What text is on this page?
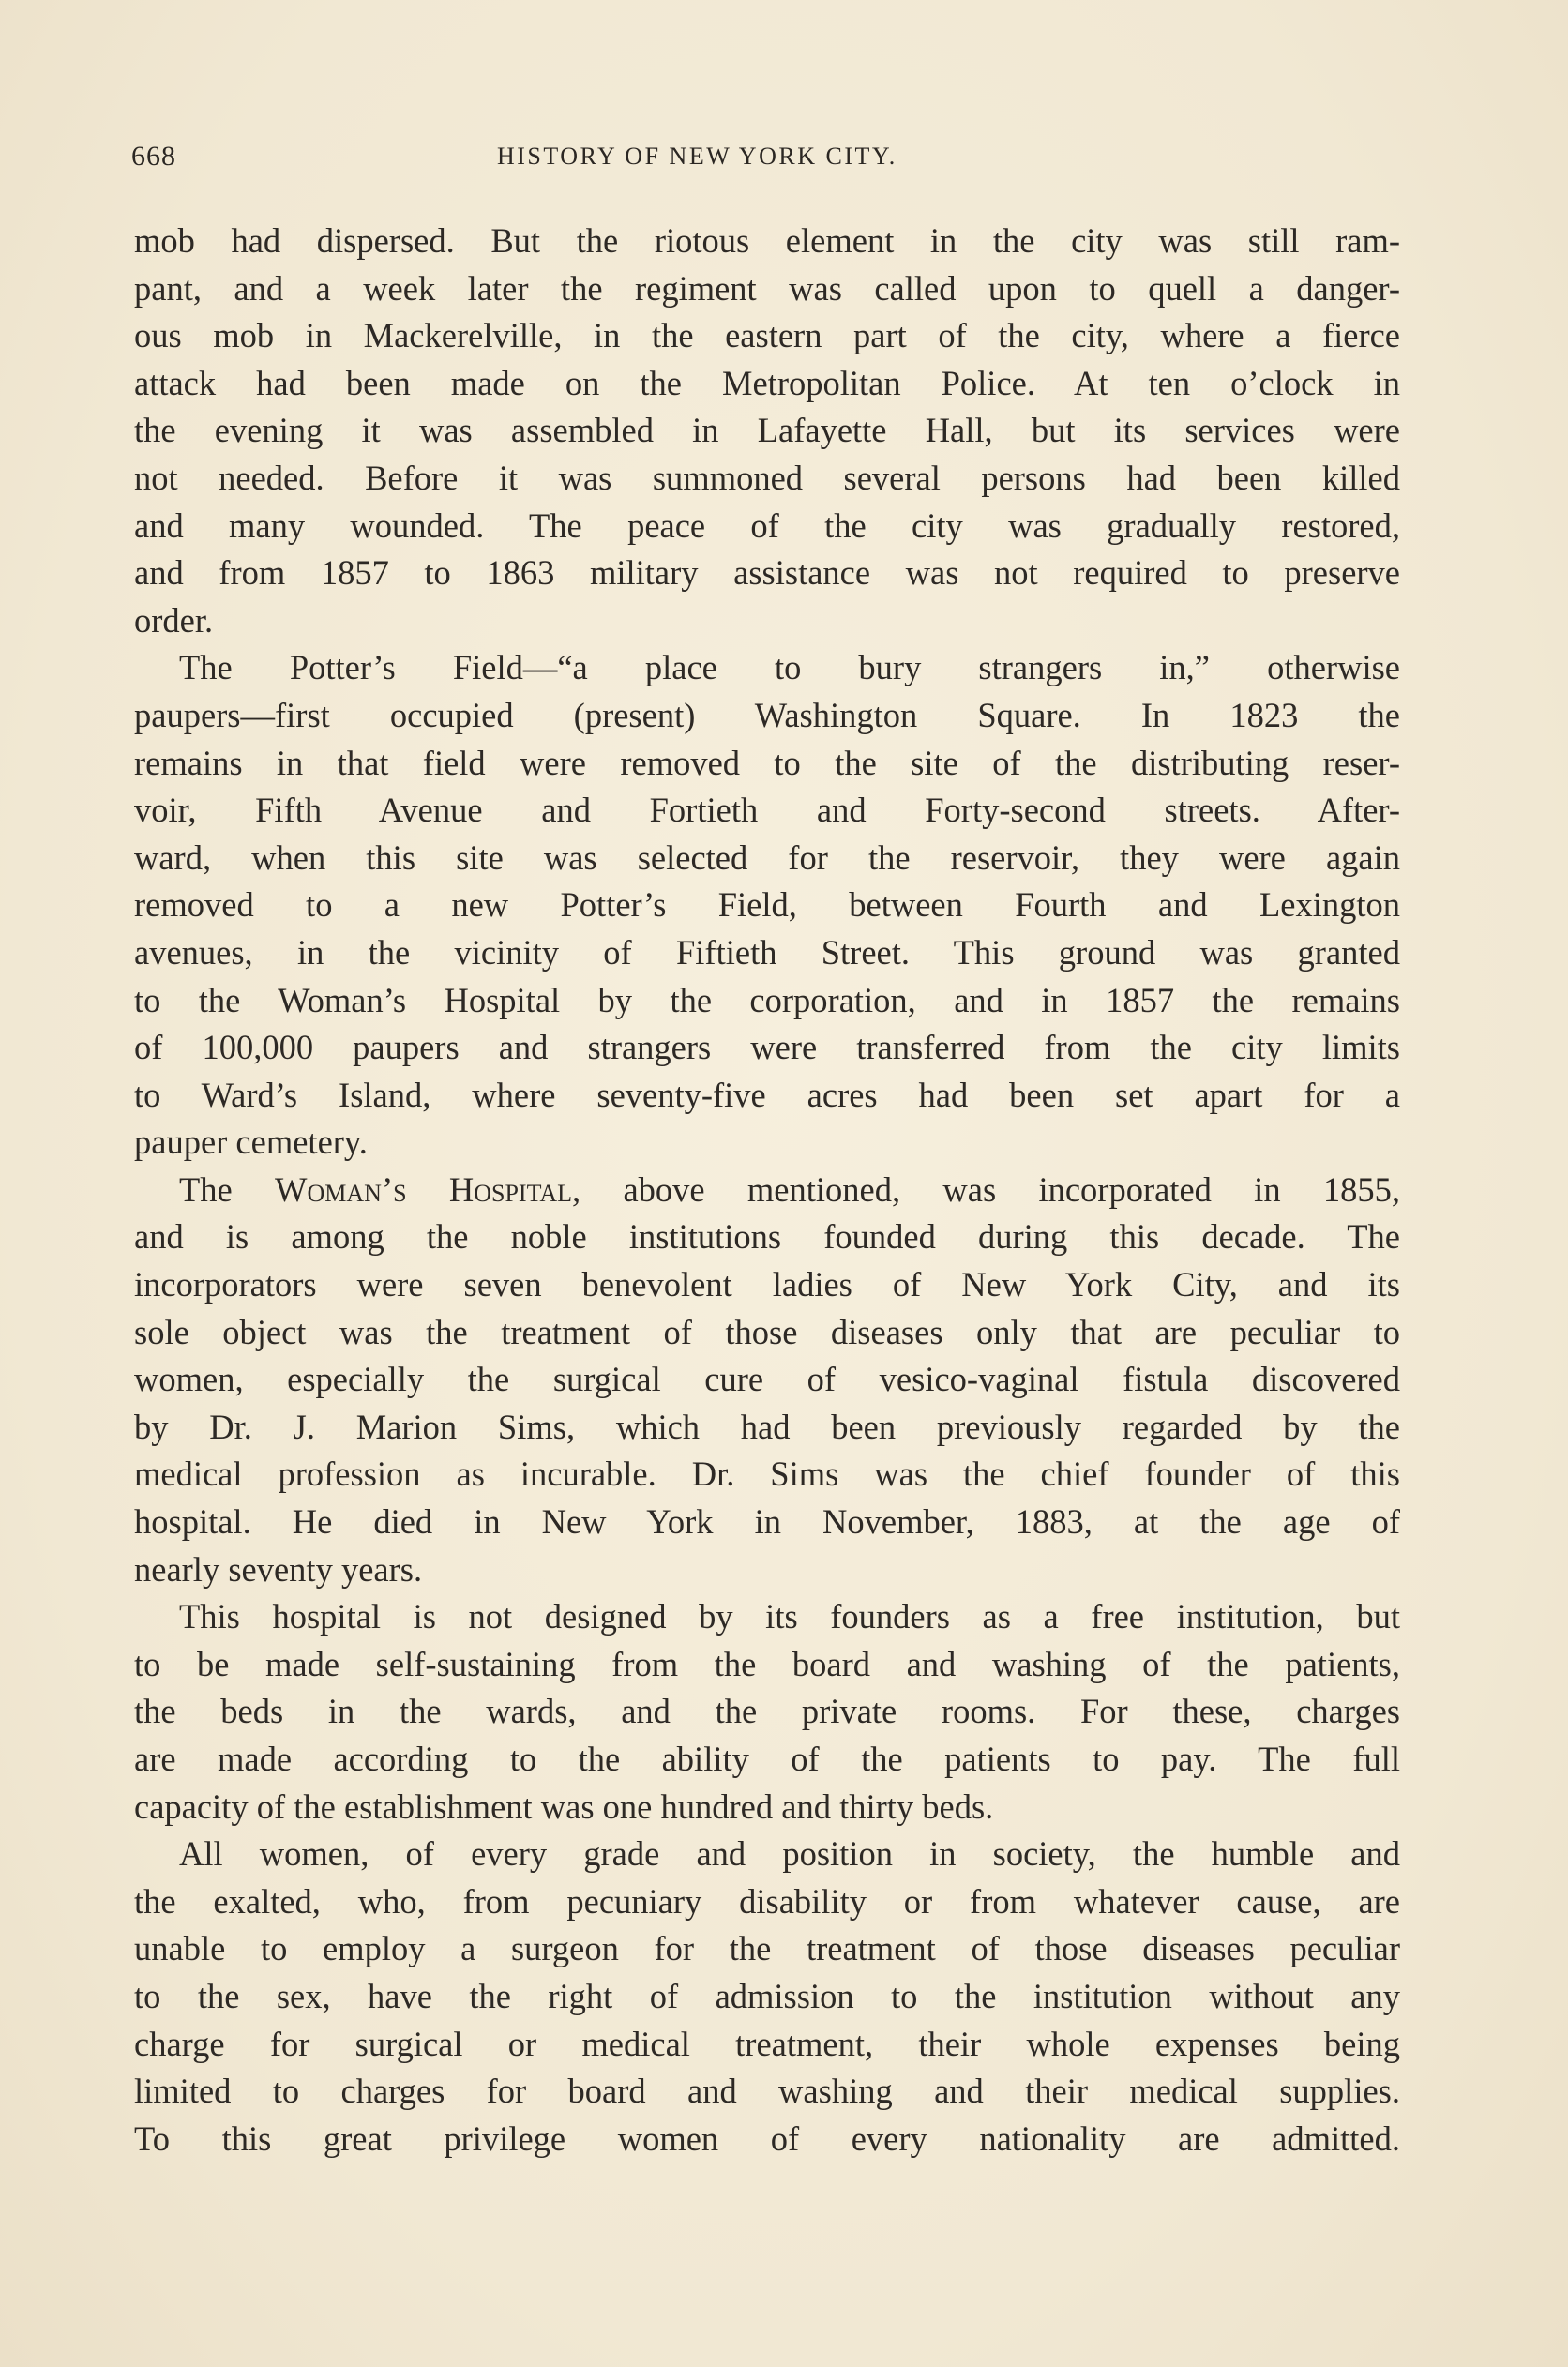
668	HISTORY OF NEW YORK CITY.

mob had dispersed. But the riotous element in the city was still ram-
pant, and a week later the regiment was called upon to quell a danger-
ous mob in Mackerelville, in the eastern part of the city, where a fierce
attack had been made on the Metropolitan Police. At ten o’clock in
the evening it was assembled in Lafayette Hall, but its services were
not needed. Before it was summoned several persons had been killed
and many wounded. The peace of the city was gradually restored,
and from 1857 to 1863 military assistance was not required to preserve
order.

The Potter’s Field—“a place to bury strangers in,” otherwise
paupers—first occupied (present) Washington Square. In 1823 the
remains in that field were removed to the site of the distributing reser-
voir, Fifth Avenue and Fortieth and Forty-second streets. After-
ward, when this site was selected for the reservoir, they were again
removed to a new Potter’s Field, between Fourth and Lexington
avenues, in the vicinity of Fiftieth Street. This ground was granted
to the Woman’s Hospital by the corporation, and in 1857 the remains
of 100,000 paupers and strangers were transferred from the city limits
to Ward’s Island, where seventy-five acres had been set apart for a
pauper cemetery.

The Woman’s Hospital, above mentioned, was incorporated in 1855,
and is among the noble institutions founded during this decade. The
incorporators were seven benevolent ladies of New York City, and its
sole object was the treatment of those diseases only that are peculiar to
women, especially the surgical cure of vesico-vaginal fistula discovered
by Dr. J. Marion Sims, which had been previously regarded by the
medical profession as incurable. Dr. Sims was the chief founder of this
hospital. He died in New York in November, 1883, at the age of
nearly seventy years.

This hospital is not designed by its founders as a free institution, but
to be made self-sustaining from the board and washing of the patients,
the beds in the wards, and the private rooms. For these, charges
are made according to the ability of the patients to pay. The full
capacity of the establishment was one hundred and thirty beds.

All women, of every grade and position in society, the humble and
the exalted, who, from pecuniary disability or from whatever cause, are
unable to employ a surgeon for the treatment of those diseases peculiar
to the sex, have the right of admission to the institution without any
charge for surgical or medical treatment, their whole expenses being
limited to charges for board and washing and their medical supplies.
To this great privilege women of every nationality are admitted.
